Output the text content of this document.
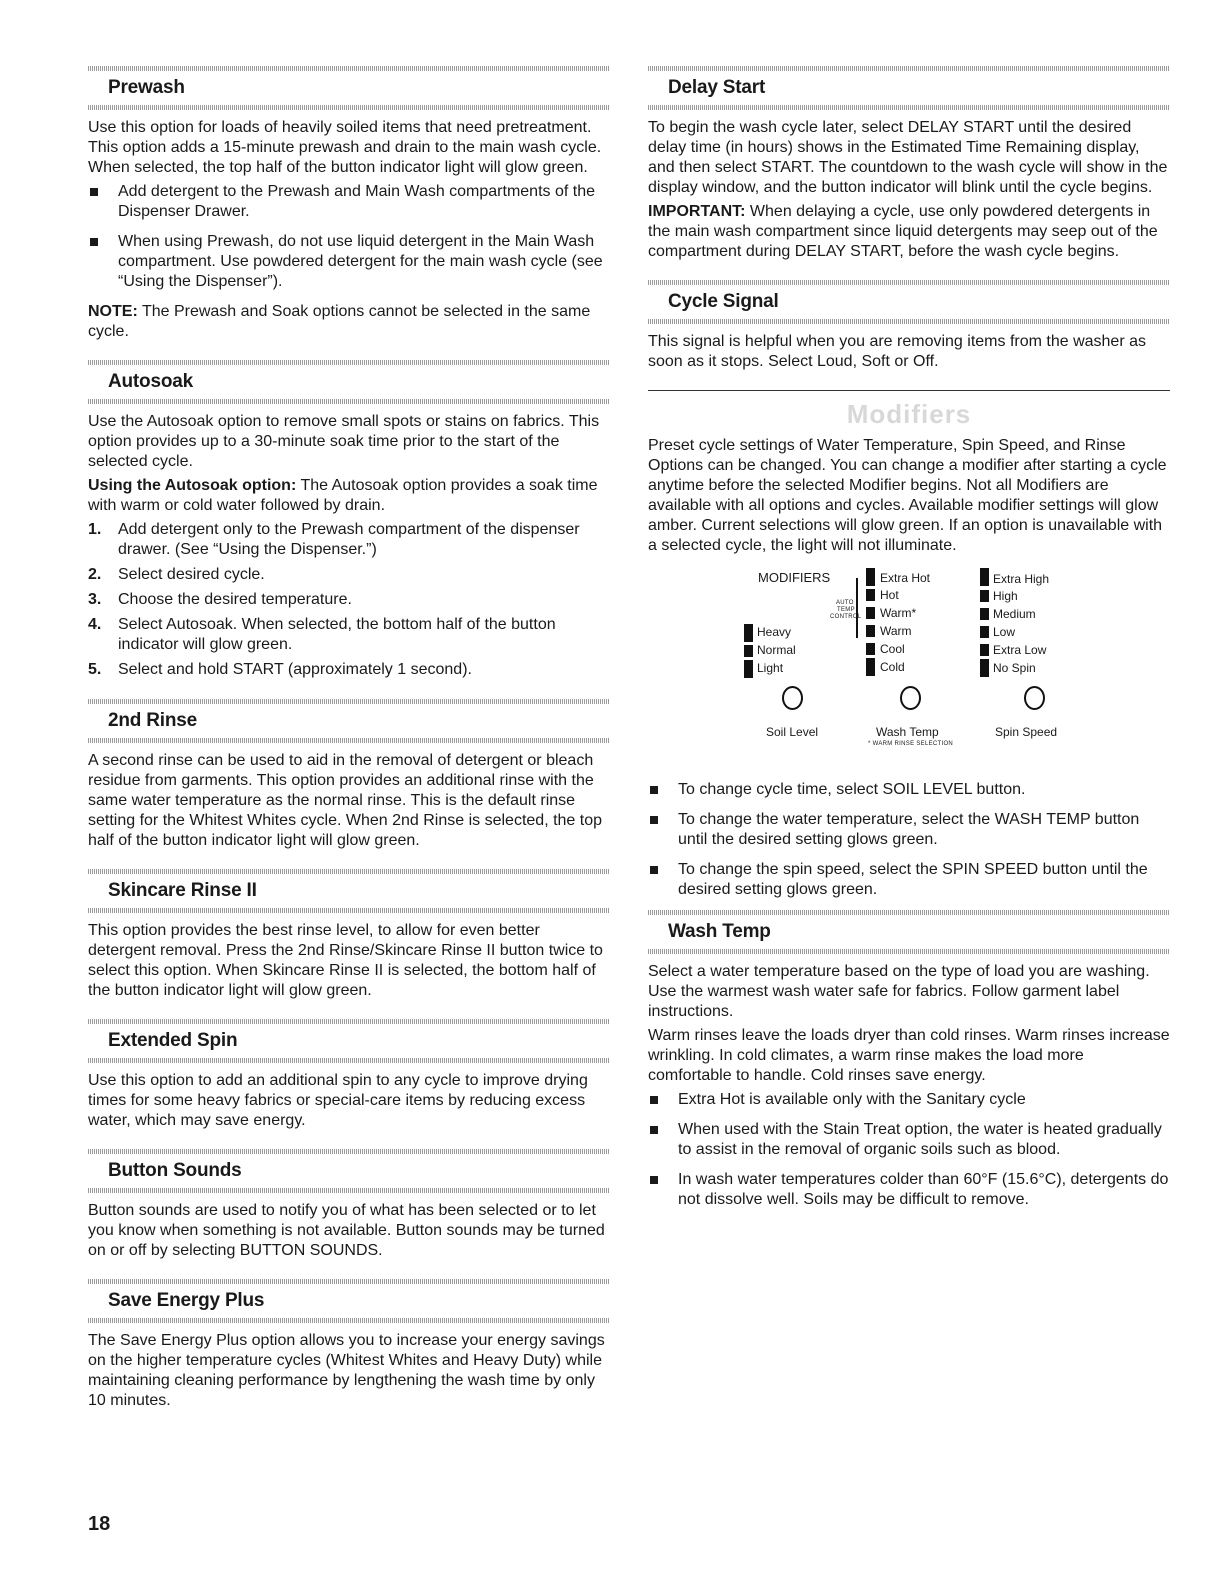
Prewash

Use this option for loads of heavily soiled items that need pretreatment. This option adds a 15-minute prewash and drain to the main wash cycle. When selected, the top half of the button indicator light will glow green.

Add detergent to the Prewash and Main Wash compartments of the Dispenser Drawer.
When using Prewash, do not use liquid detergent in the Main Wash compartment. Use powdered detergent for the main wash cycle (see “Using the Dispenser”).

NOTE: The Prewash and Soak options cannot be selected in the same cycle.

Autosoak

Use the Autosoak option to remove small spots or stains on fabrics. This option provides up to a 30-minute soak time prior to the start of the selected cycle.

Using the Autosoak option: The Autosoak option provides a soak time with warm or cold water followed by drain.

1. Add detergent only to the Prewash compartment of the dispenser drawer. (See “Using the Dispenser.”)
2. Select desired cycle.
3. Choose the desired temperature.
4. Select Autosoak. When selected, the bottom half of the button indicator will glow green.
5. Select and hold START (approximately 1 second).
2nd Rinse

A second rinse can be used to aid in the removal of detergent or bleach residue from garments. This option provides an additional rinse with the same water temperature as the normal rinse. This is the default rinse setting for the Whitest Whites cycle. When 2nd Rinse is selected, the top half of the button indicator light will glow green.

Skincare Rinse II

This option provides the best rinse level, to allow for even better detergent removal. Press the 2nd Rinse/Skincare Rinse II button twice to select this option. When Skincare Rinse II is selected, the bottom half of the button indicator light will glow green.

Extended Spin

Use this option to add an additional spin to any cycle to improve drying times for some heavy fabrics or special-care items by reducing excess water, which may save energy.

Button Sounds

Button sounds are used to notify you of what has been selected or to let you know when something is not available. Button sounds may be turned on or off by selecting BUTTON SOUNDS.

Save Energy Plus

The Save Energy Plus option allows you to increase your energy savings on the higher temperature cycles (Whitest Whites and Heavy Duty) while maintaining cleaning performance by lengthening the wash time by only 10 minutes.

Delay Start

To begin the wash cycle later, select DELAY START until the desired delay time (in hours) shows in the Estimated Time Remaining display, and then select START. The countdown to the wash cycle will show in the display window, and the button indicator will blink until the cycle begins.

IMPORTANT: When delaying a cycle, use only powdered detergents in the main wash compartment since liquid detergents may seep out of the compartment during DELAY START, before the wash cycle begins.

Cycle Signal

This signal is helpful when you are removing items from the washer as soon as it stops. Select Loud, Soft or Off.

Modifiers

Preset cycle settings of Water Temperature, Spin Speed, and Rinse Options can be changed. You can change a modifier after starting a cycle anytime before the selected Modifier begins. Not all Modifiers are available with all options and cycles. Available modifier settings will glow amber. Current selections will glow green. If an option is unavailable with a selected cycle, the light will not illuminate.

MODIFIERS
Heavy
Normal
Light
AUTO
TEMP
CONTROL
Extra Hot
Hot
Warm*
Warm
Cool
Cold
Extra High
High
Medium
Low
Extra Low
No Spin
Soil Level	Wash Temp
* WARM RINSE SELECTION
Spin Speed
To change cycle time, select SOIL LEVEL button.
To change the water temperature, select the WASH TEMP button until the desired setting glows green.
To change the spin speed, select the SPIN SPEED button until the desired setting glows green.
Wash Temp

Select a water temperature based on the type of load you are washing. Use the warmest wash water safe for fabrics. Follow garment label instructions.

Warm rinses leave the loads dryer than cold rinses. Warm rinses increase wrinkling. In cold climates, a warm rinse makes the load more comfortable to handle. Cold rinses save energy.

Extra Hot is available only with the Sanitary cycle
When used with the Stain Treat option, the water is heated gradually to assist in the removal of organic soils such as blood.
In wash water temperatures colder than 60°F (15.6°C), detergents do not dissolve well. Soils may be difficult to remove.
18
